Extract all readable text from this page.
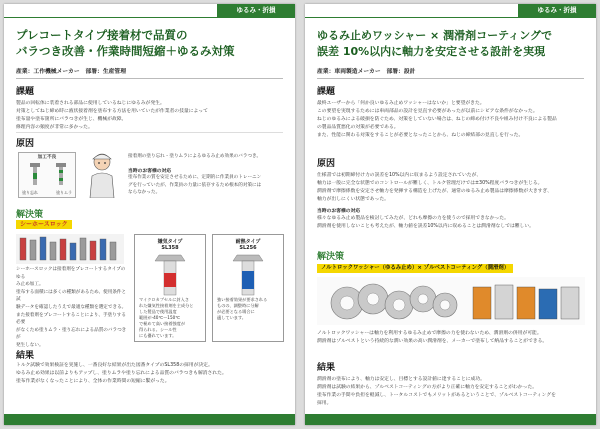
ゆるみ・折損
プレコートタイプ接着材で品質の
バラつき改善・作業時間短縮＋ゆるみ対策
産業：工作機械メーカー　部署：生産管理
課題
製品の回転体に装着される部品に使用しているねじにゆるみが発生。
対策としてねじ締め時に液状接着剤を塗布する方法を用いていたが作業者の技量によって
塗布量や塗布箇所にバラつきが生じ、機械が故障。
修理内容の頻度が非常に多かった。
原因
加工不良
塗り忘れ	塗りムラ
接着剤の塗り忘れ・塗りムラによるゆるみ止め効果のバラつき。
当時のお客様の対応
塗布作業の質を安定させるために、定期的に作業員のトレーニン
グを行っていたが、作業員の力量に依存するため根本的対策には
ならなかった。
解決策
シーホースロック
シーホースロックは接着剤をプレコートするタイプのゆる
み止め加工。
塗布する面積には多くの種類があるため、使用条件と試
験データを確認したうえで最適な種類を選定できる。
また接着剤をプレコートすることにより、手塗りする必要
がなくため塗りムラ・塗り忘れによる品質のバラつきが
発生しない。
嫌気タイプ
SL358
マイクロカプセルに封入さ
れた嫌気性接着剤を主成分と
した製品で使用温度
範囲が-40℃～150℃
で極めて高い接着強度が
得られる。シール性
にも優れています。
耐熱タイプ
SL256
強い接着効果が要求される
ものの、調整時に分解
が必要となる場合に
適しています。
結果
トルク試験で効果検証を実施し、一番良好な結果が出た図番タイプのSL358の採用が決定。
ゆるみ止め効果は以前よりもアップし、塗りムラや塗り忘れによる品質のバラつきも解消された。
塗布作業がなくなったことにより、全体の作業時間の短縮に繋がった。
ゆるみ・折損
ゆるみ止めワッシャー × 潤滑剤コーティングで
誤差 10%以内に軸力を安定させる設計を実現
産業：車両製造メーカー　部署：設計
課題
最終ユーザーから「何か良いゆるみ止めワッシャーはないか」と要望がきた。
この要望を実現するためには車両部品の設計を見直す必要があったが以前にシビアな条件がなかった。
ねじのゆるみによる破損を防ぐため、対策をしていない場合は、ねじの締め付け不良や組み付け不良による製品
の製品品質悪化の対策が必要である。
また、性能に関わる対策をすることが必要となったことから、ねじの締結部の見直しを行った。
原因
仕様書では初期締付け力の誤差を10%以内に収まるよう設定されていたが、
軸力は一般に完全な状態でのコントロールが難しく、トルク管理だけでは±30%程度バラつきが生じる。
潤滑剤で摩擦係数を安定させ軸力を発揮する構造を上げたが、通常のゆるみ止め製品は摩擦係数が大きすぎ、
軸力が出しにくい状態であった。
当時のお客様の対応
様々なゆるみ止め製品を検討してみたが、どれも摩擦の力を使うので採用できなかった。
潤滑剤を使用しないことも考えたが、軸力値を誤差10%以内に収めることは潤滑剤なしでは難しい。
解決策
ノルトロックワッシャー（ゆるみ止め）× ゾルベストコーティング（潤滑剤）
ノルトロックワッシャーは軸力を利用するゆるみ止めで摩擦の力を使わないため、潤滑剤の併用が可能。
潤滑剤はゾルベストという持続的な潤い効果の高い潤滑剤を、メーカーで塗布して納品することができる。
結果
潤滑剤の塗布により、軸力は安定し、目標とする設計値に達することに成功。
潤滑剤は試験の結果から、ゾルベストコーティングの方がより正確に軸力を安定することがわかった。
塗布作業の手間や負担を軽減し、トータルコストでもメリットがあるということで、ゾルベストコーティングを
採用。
